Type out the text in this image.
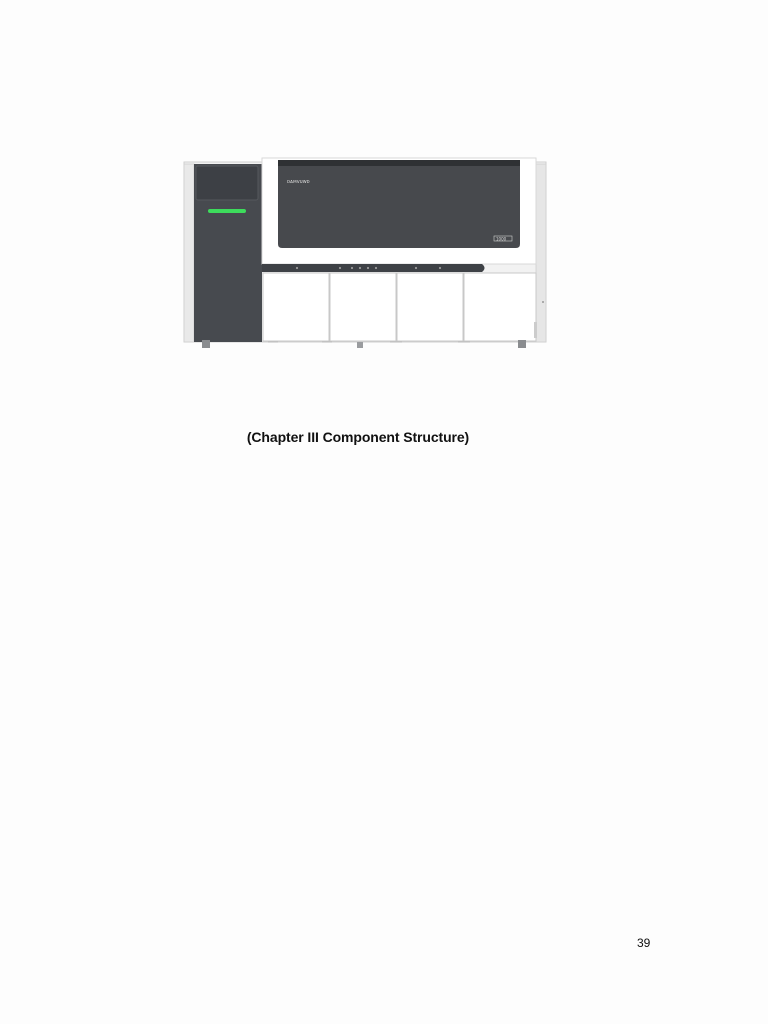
ᴅᴀᴍᴠᴜᴡᴅ
1000
(Chapter III Component Structure)
39
